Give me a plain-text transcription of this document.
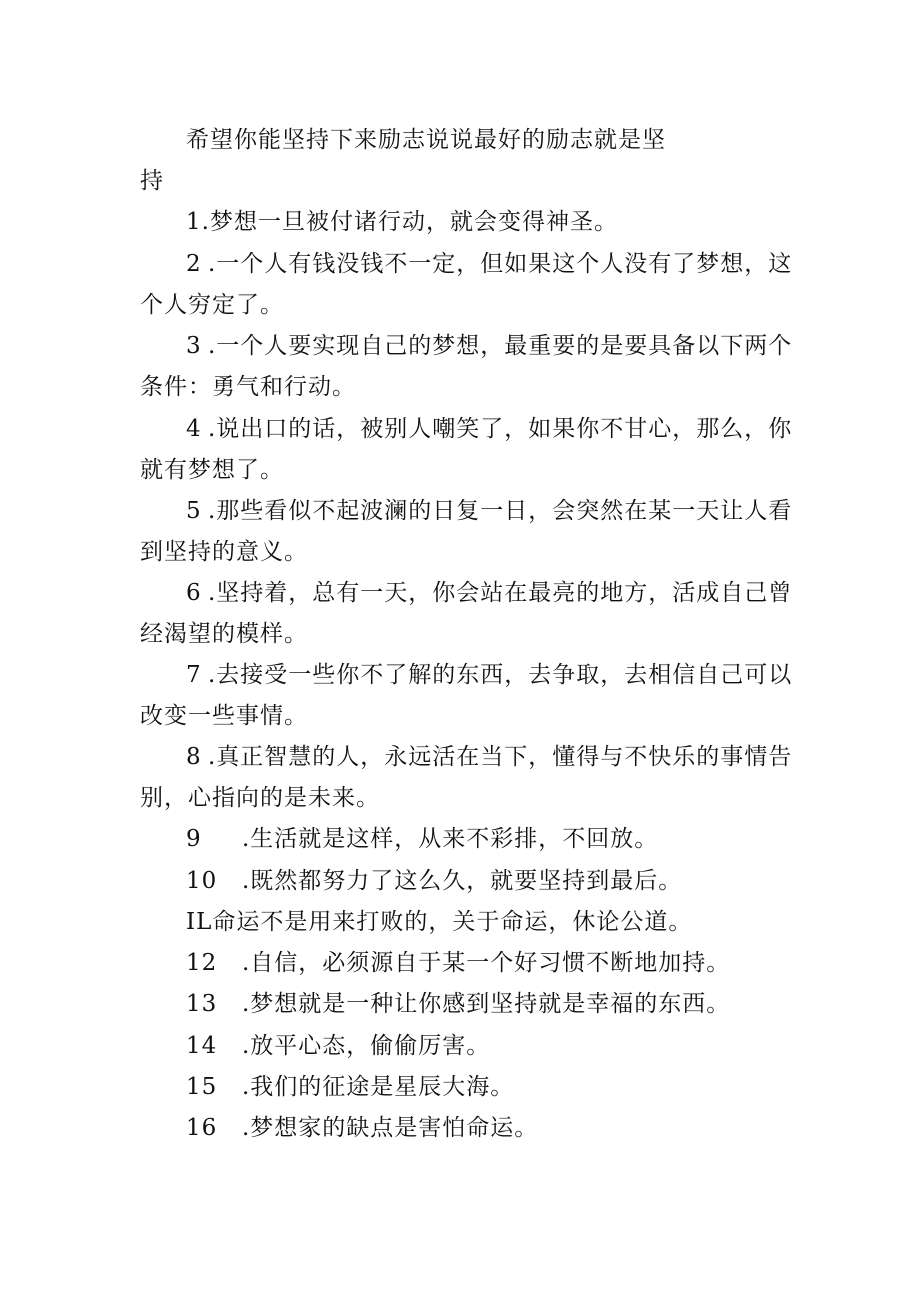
希望你能坚持下来励志说说最好的励志就是坚
持
1.梦想一旦被付诸行动，就会变得神圣。
2 .一个人有钱没钱不一定，但如果这个人没有了梦想，这
个人穷定了。
3 .一个人要实现自己的梦想，最重要的是要具备以下两个
条件：勇气和行动。
4 .说出口的话，被别人嘲笑了，如果你不甘心，那么，你
就有梦想了。
5 .那些看似不起波澜的日复一日，会突然在某一天让人看
到坚持的意义。
6 .坚持着，总有一天，你会站在最亮的地方，活成自己曾
经渴望的模样。
7 .去接受一些你不了解的东西，去争取，去相信自己可以
改变一些事情。
8 .真正智慧的人，永远活在当下，懂得与不快乐的事情告
别，心指向的是未来。
9 .生活就是这样，从来不彩排，不回放。
10 .既然都努力了这么久，就要坚持到最后。
IL命运不是用来打败的，关于命运，休论公道。
12 .自信，必须源自于某一个好习惯不断地加持。
13 .梦想就是一种让你感到坚持就是幸福的东西。
14 .放平心态，偷偷厉害。
15 .我们的征途是星辰大海。
16 .梦想家的缺点是害怕命运。
